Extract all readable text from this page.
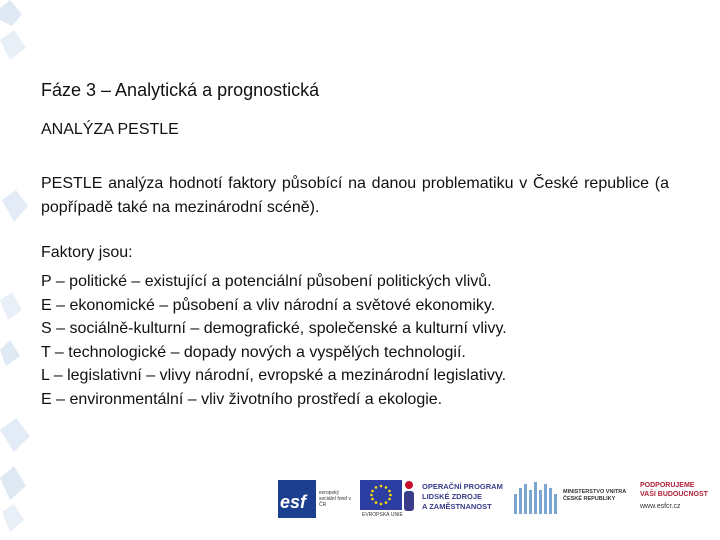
Fáze 3 – Analytická a prognostická
ANALÝZA PESTLE
PESTLE analýza hodnotí faktory působící na danou problematiku v České republice (a popřípadě také na mezinárodní scéně).
Faktory jsou:
P – politické – existující a potenciální působení politických vlivů.
E – ekonomické – působení a vliv národní a světové ekonomiky.
S – sociálně-kulturní – demografické, společenské a kulturní vlivy.
T – technologické – dopady nových a vyspělých technologií.
L – legislativní – vlivy národní, evropské a mezinárodní legislativy.
E – environmentální – vliv životního prostředí a ekologie.
esf	evropský sociální fond v ČR
EVROPSKÁ UNIE
OPERAČNÍ PROGRAM
LIDSKÉ ZDROJE
A ZAMĚSTNANOST
MINISTERSTVO VNITRA
ČESKÉ REPUBLIKY
PODPORUJEME
VAŠI BUDOUCNOST
www.esfcr.cz
